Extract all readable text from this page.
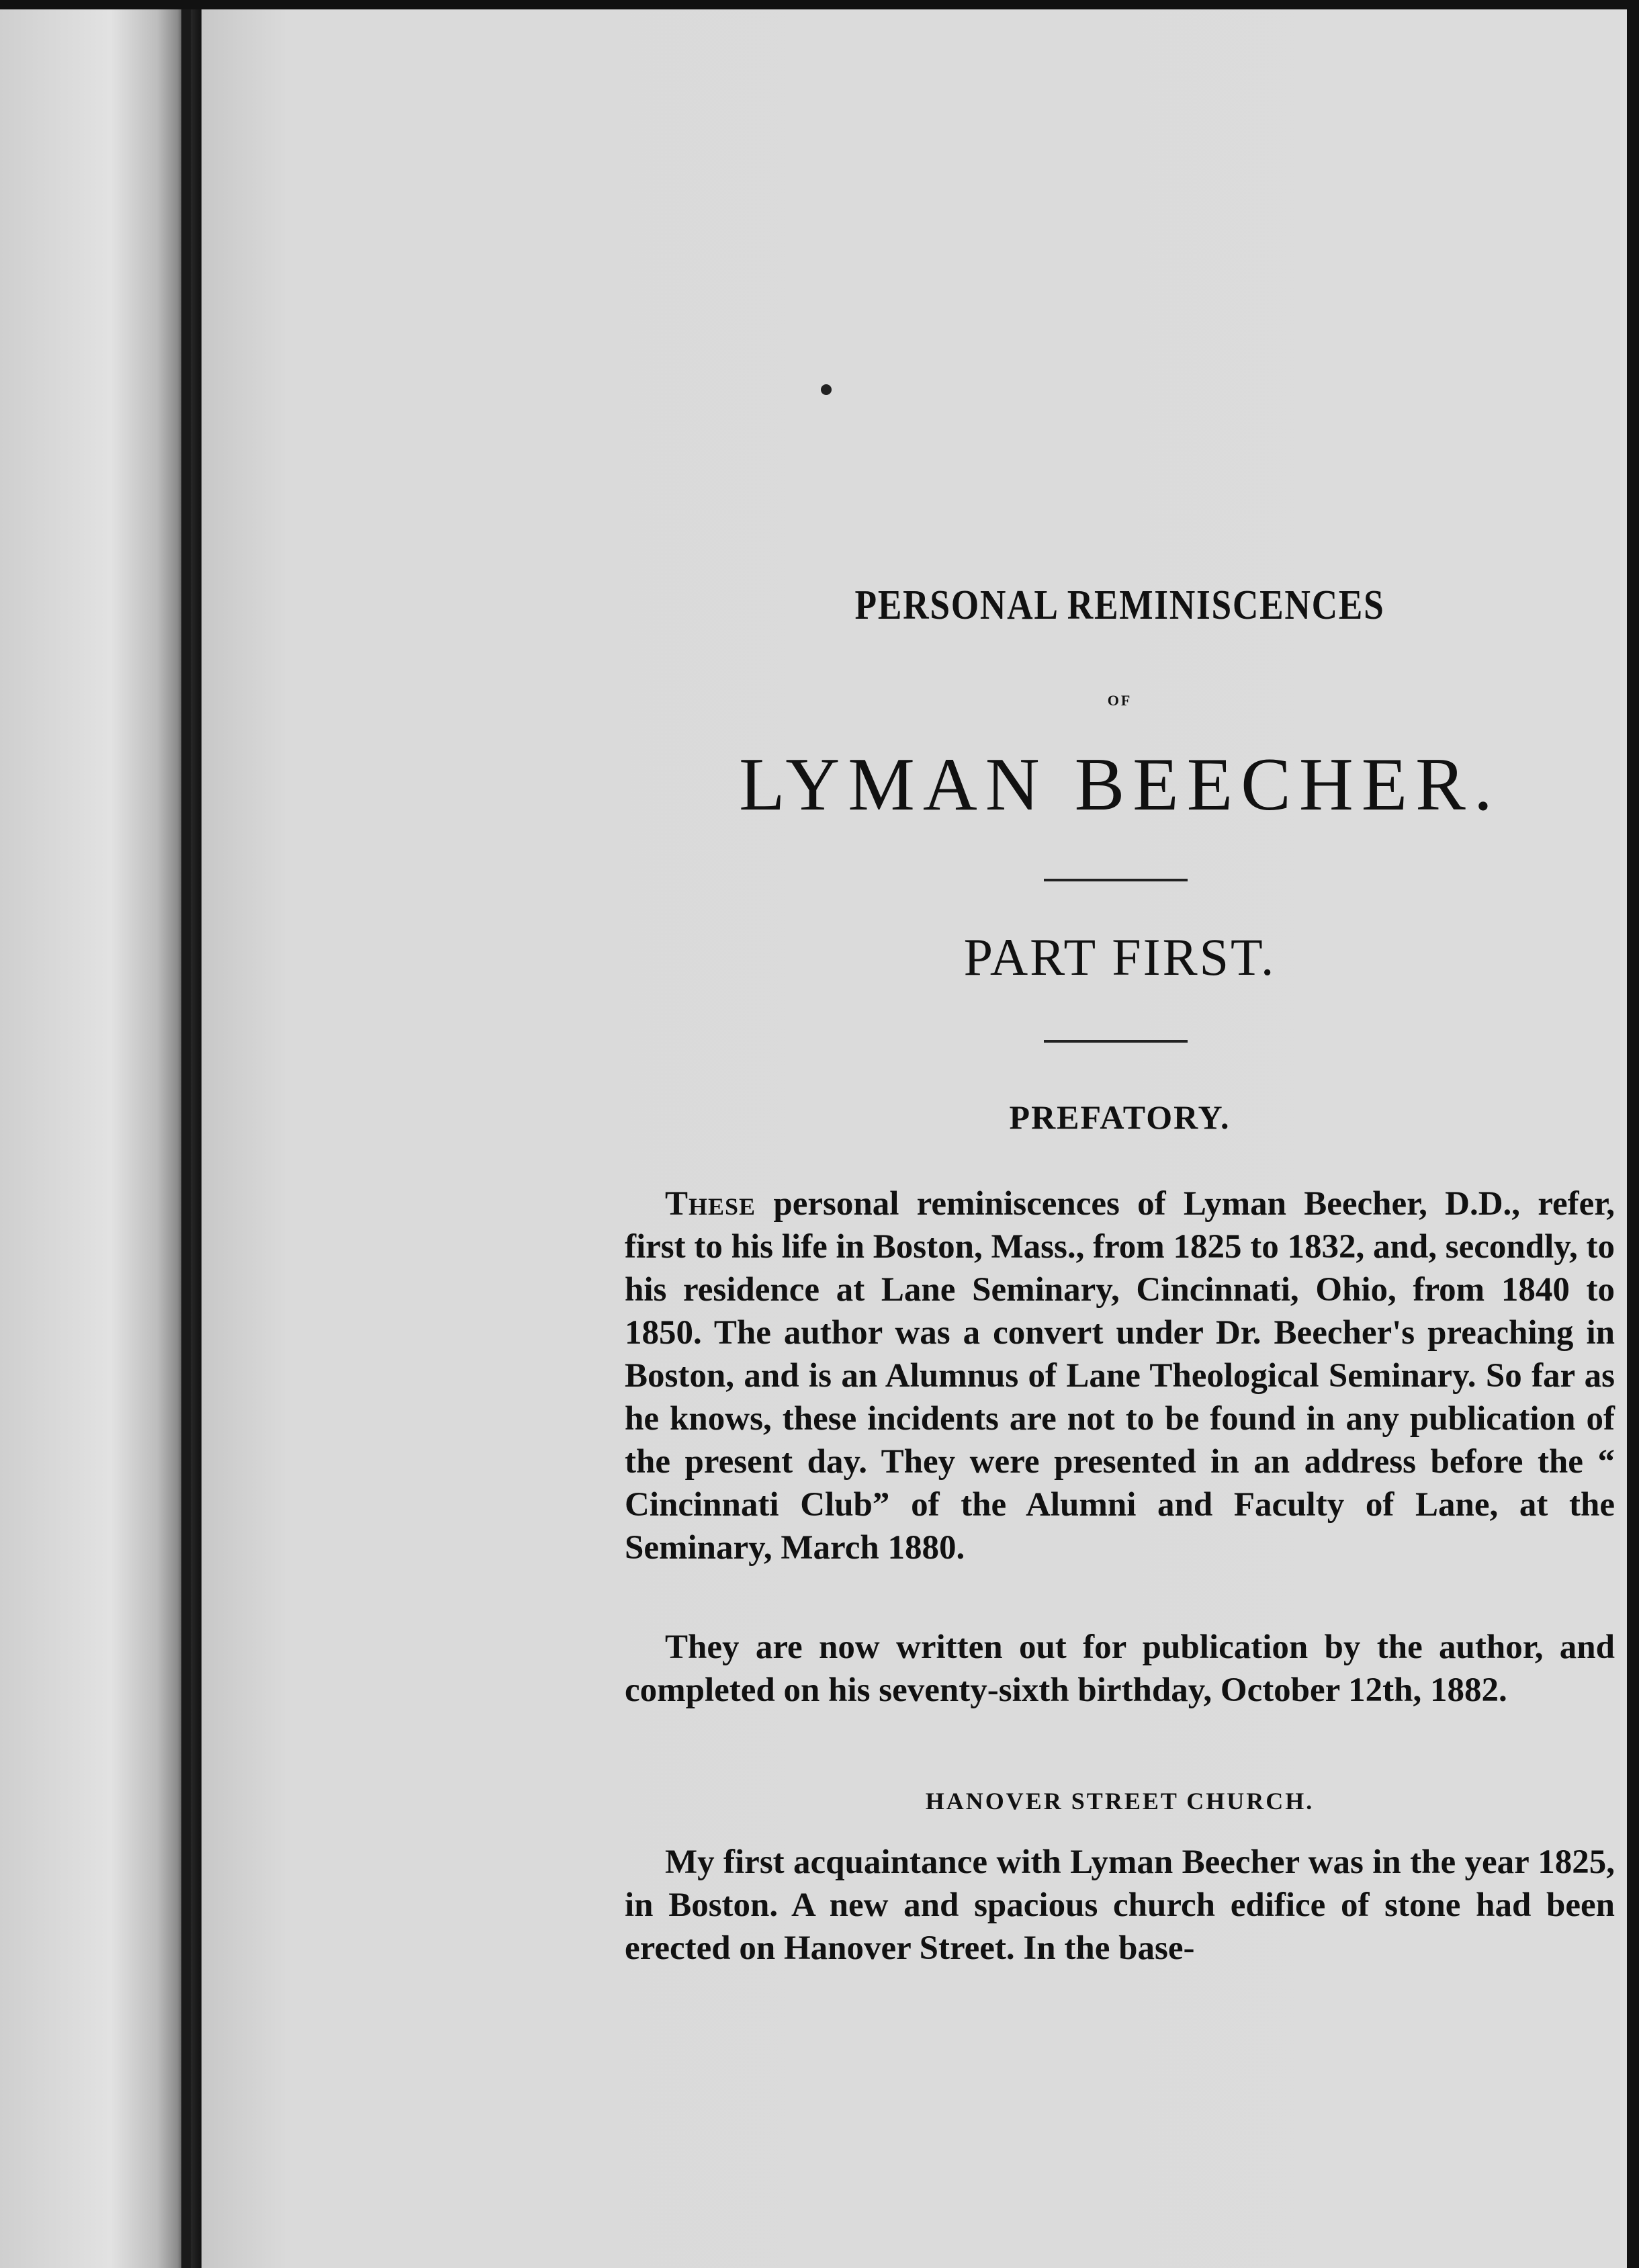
PERSONAL REMINISCENCES
OF
LYMAN BEECHER.
PART FIRST.
PREFATORY.
These personal reminiscences of Lyman Beecher, D.D., refer, first to his life in Boston, Mass., from 1825 to 1832, and, secondly, to his residence at Lane Seminary, Cincinnati, Ohio, from 1840 to 1850. The author was a convert under Dr. Beecher's preaching in Boston, and is an Alumnus of Lane Theological Seminary. So far as he knows, these incidents are not to be found in any publication of the present day. They were presented in an address before the “ Cincinnati Club” of the Alumni and Faculty of Lane, at the Seminary, March 1880.
They are now written out for publication by the author, and completed on his seventy-sixth birthday, October 12th, 1882.
HANOVER STREET CHURCH.
My first acquaintance with Lyman Beecher was in the year 1825, in Boston. A new and spacious church edifice of stone had been erected on Hanover Street. In the base-
